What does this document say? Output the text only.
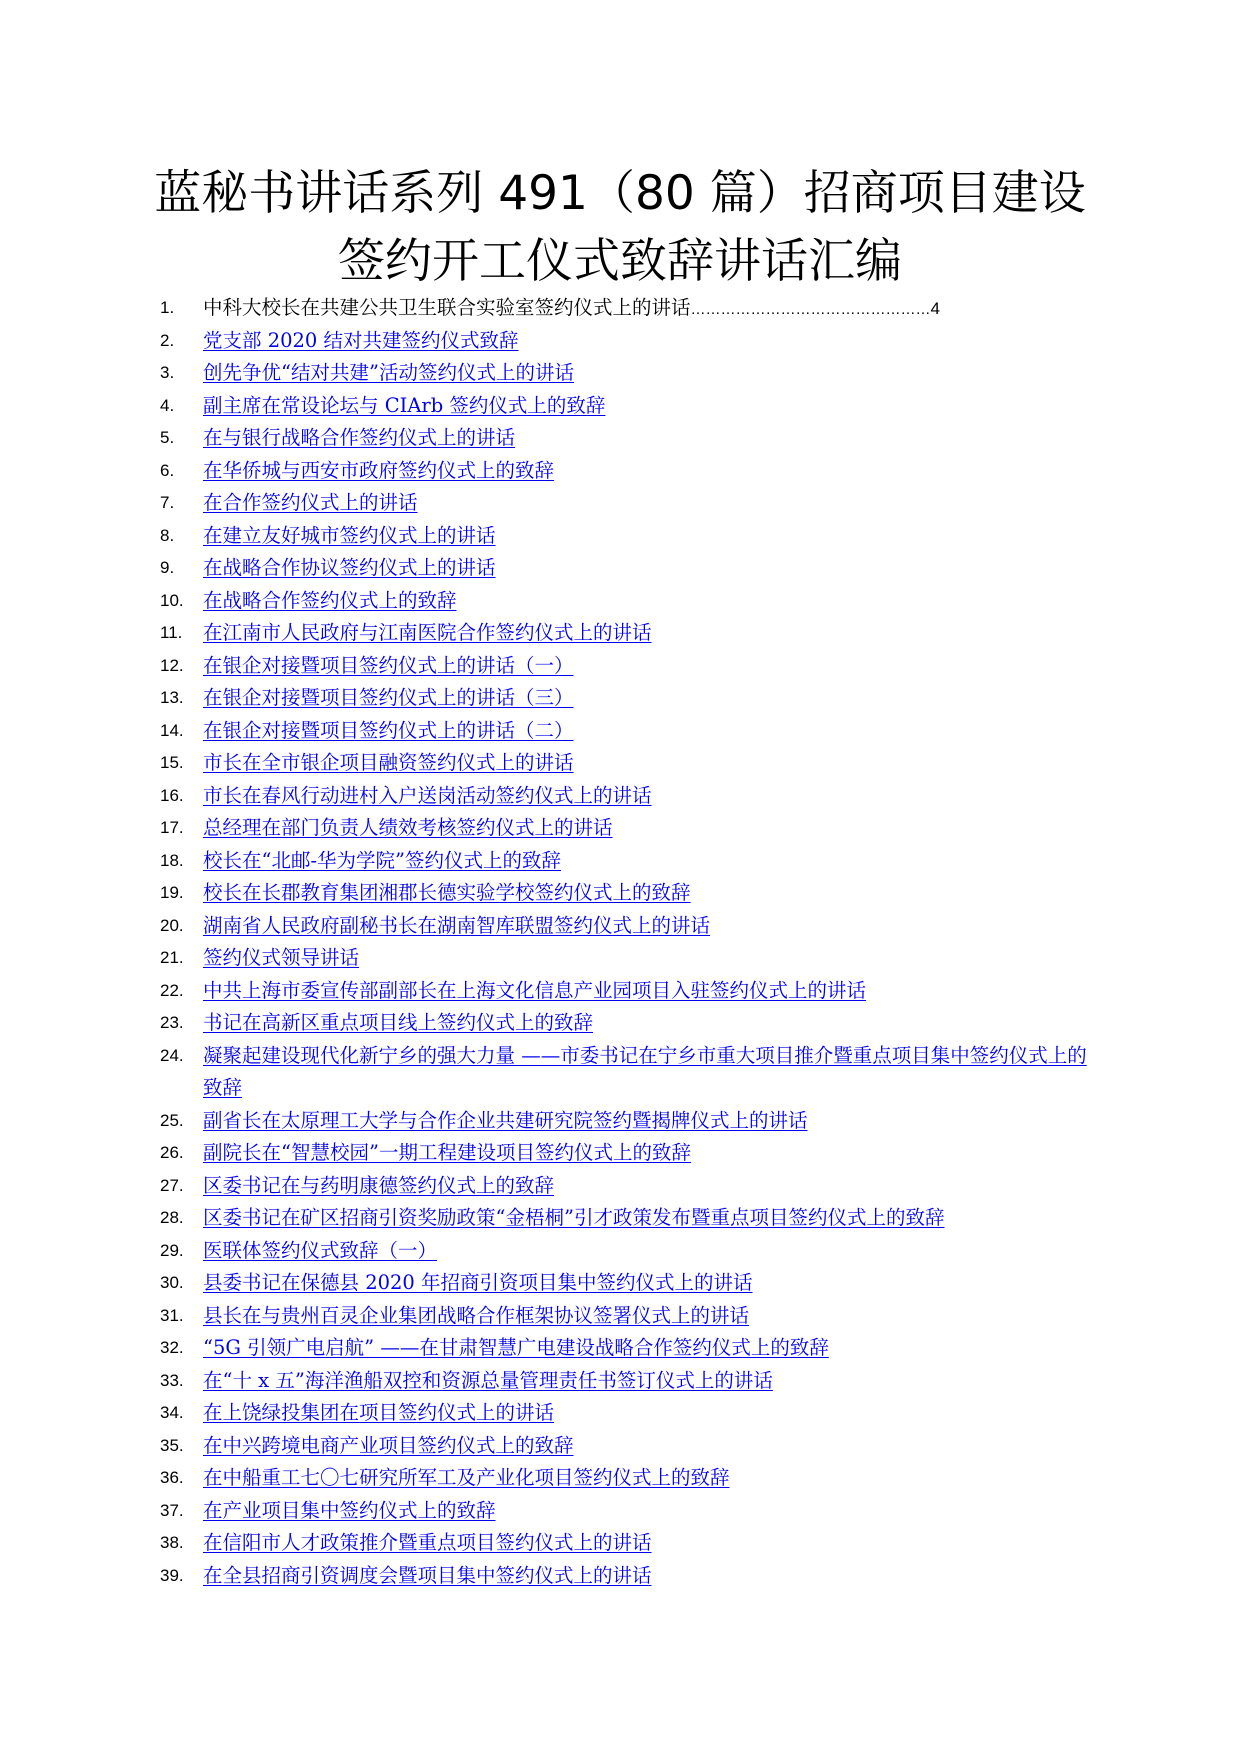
蓝秘书讲话系列 491（80 篇）招商项目建设
签约开工仪式致辞讲话汇编
1. 中科大校长在共建公共卫生联合实验室签约仪式上的讲话…………………………………………4
2. 党支部 2020 结对共建签约仪式致辞
3. 创先争优“结对共建”活动签约仪式上的讲话
4. 副主席在常设论坛与 CIArb 签约仪式上的致辞
5. 在与银行战略合作签约仪式上的讲话
6. 在华侨城与西安市政府签约仪式上的致辞
7. 在合作签约仪式上的讲话
8. 在建立友好城市签约仪式上的讲话
9. 在战略合作协议签约仪式上的讲话
10. 在战略合作签约仪式上的致辞
11. 在江南市人民政府与江南医院合作签约仪式上的讲话
12. 在银企对接暨项目签约仪式上的讲话（一）
13. 在银企对接暨项目签约仪式上的讲话（三）
14. 在银企对接暨项目签约仪式上的讲话（二）
15. 市长在全市银企项目融资签约仪式上的讲话
16. 市长在春风行动进村入户送岗活动签约仪式上的讲话
17. 总经理在部门负责人绩效考核签约仪式上的讲话
18. 校长在“北邮-华为学院”签约仪式上的致辞
19. 校长在长郡教育集团湘郡长德实验学校签约仪式上的致辞
20. 湖南省人民政府副秘书长在湖南智库联盟签约仪式上的讲话
21. 签约仪式领导讲话
22. 中共上海市委宣传部副部长在上海文化信息产业园项目入驻签约仪式上的讲话
23. 书记在高新区重点项目线上签约仪式上的致辞
24. 凝聚起建设现代化新宁乡的强大力量 ——市委书记在宁乡市重大项目推介暨重点项目集中签约仪式上的致辞
25. 副省长在太原理工大学与合作企业共建研究院签约暨揭牌仪式上的讲话
26. 副院长在“智慧校园”一期工程建设项目签约仪式上的致辞
27. 区委书记在与药明康德签约仪式上的致辞
28. 区委书记在矿区招商引资奖励政策“金梧桐”引才政策发布暨重点项目签约仪式上的致辞
29. 医联体签约仪式致辞（一）
30. 县委书记在保德县 2020 年招商引资项目集中签约仪式上的讲话
31. 县长在与贵州百灵企业集团战略合作框架协议签署仪式上的讲话
32. “5G 引领广电启航” ——在甘肃智慧广电建设战略合作签约仪式上的致辞
33. 在“十 x 五”海洋渔船双控和资源总量管理责任书签订仪式上的讲话
34. 在上饶绿投集团在项目签约仪式上的讲话
35. 在中兴跨境电商产业项目签约仪式上的致辞
36. 在中船重工七〇七研究所军工及产业化项目签约仪式上的致辞
37. 在产业项目集中签约仪式上的致辞
38. 在信阳市人才政策推介暨重点项目签约仪式上的讲话
39. 在全县招商引资调度会暨项目集中签约仪式上的讲话
